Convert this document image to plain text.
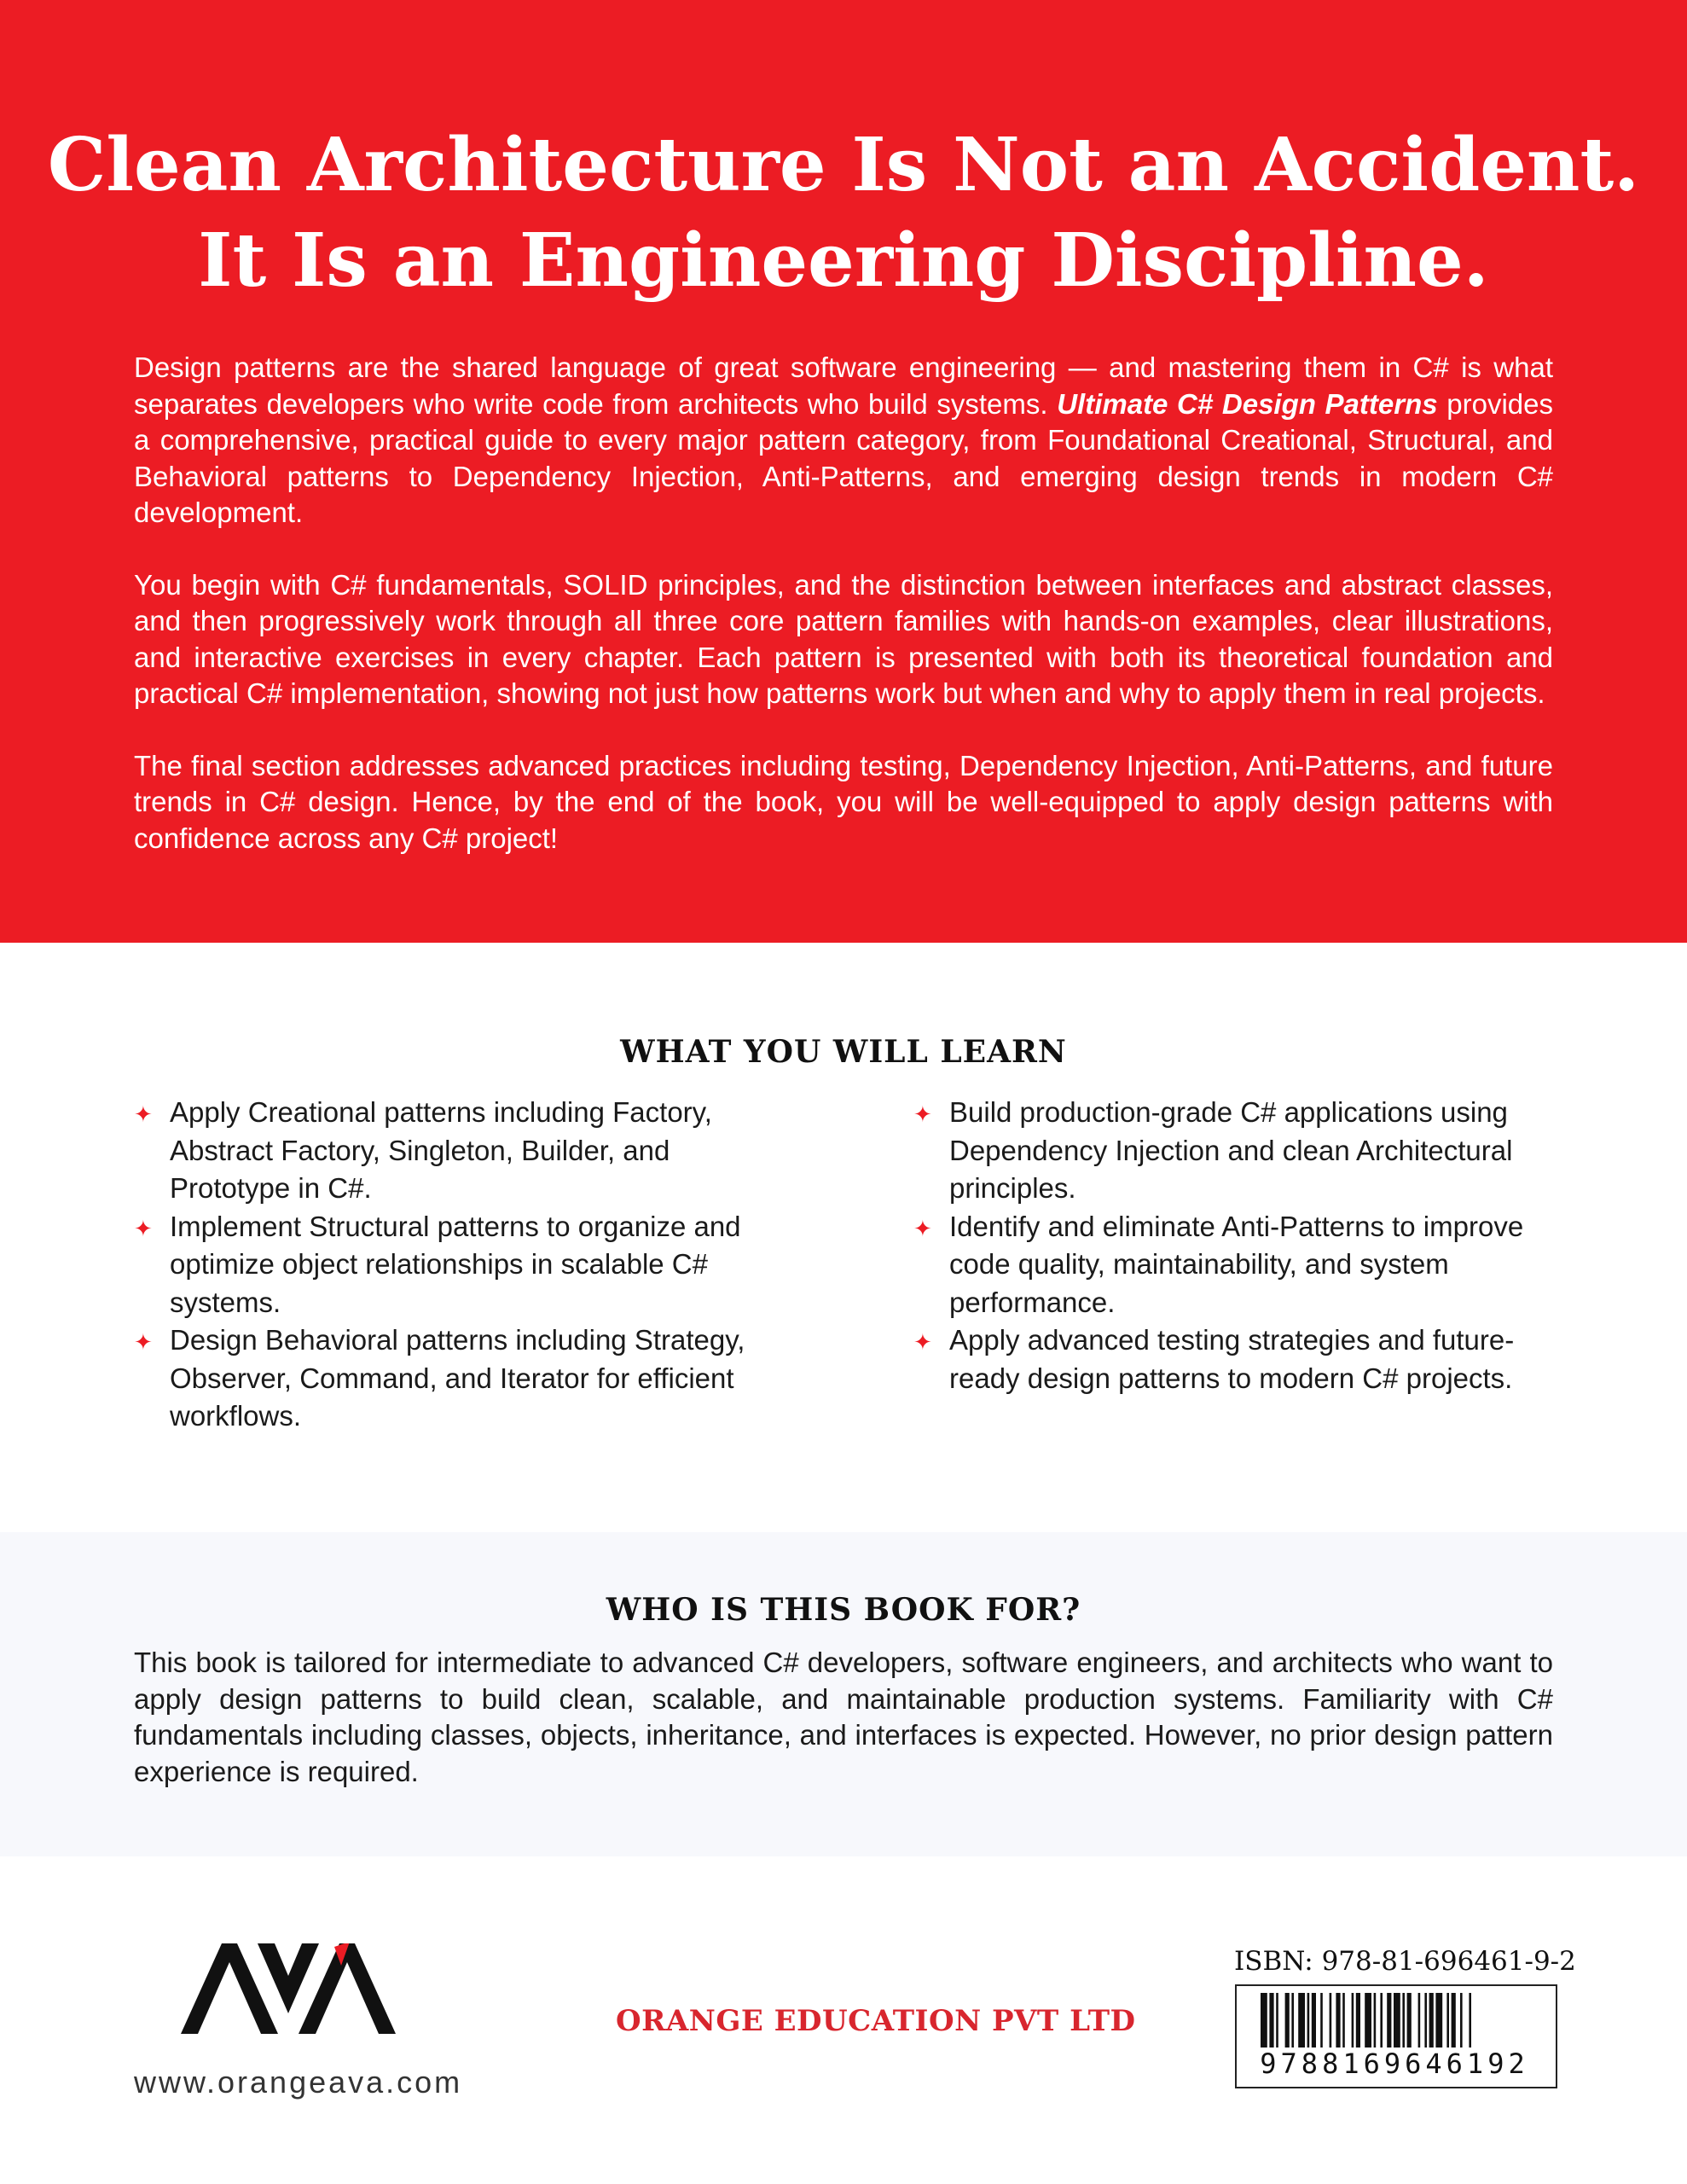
Clean Architecture Is Not an Accident.
It Is an Engineering Discipline.

Design patterns are the shared language of great software engineering — and mastering them in C# is what separates developers who write code from architects who build systems. Ultimate C# Design Patterns provides a comprehensive, practical guide to every major pattern category, from Foundational Creational, Structural, and Behavioral patterns to Dependency Injection, Anti-Patterns, and emerging design trends in modern C# development.

You begin with C# fundamentals, SOLID principles, and the distinction between interfaces and abstract classes, and then progressively work through all three core pattern families with hands-on examples, clear illustrations, and interactive exercises in every chapter. Each pattern is presented with both its theoretical foundation and practical C# implementation, showing not just how patterns work but when and why to apply them in real projects.

The final section addresses advanced practices including testing, Dependency Injection, Anti-Patterns, and future trends in C# design. Hence, by the end of the book, you will be well-equipped to apply design patterns with confidence across any C# project!

WHAT YOU WILL LEARN
✦ Apply Creational patterns including Factory, Abstract Factory, Singleton, Builder, and Prototype in C#.
✦ Implement Structural patterns to organize and optimize object relationships in scalable C# systems.
✦ Design Behavioral patterns including Strategy, Observer, Command, and Iterator for efficient workflows.
✦ Build production-grade C# applications using Dependency Injection and clean Architectural principles.
✦ Identify and eliminate Anti-Patterns to improve code quality, maintainability, and system performance.
✦ Apply advanced testing strategies and future-ready design patterns to modern C# projects.
WHO IS THIS BOOK FOR?

This book is tailored for intermediate to advanced C# developers, software engineers, and architects who want to apply design patterns to build clean, scalable, and maintainable production systems. Familiarity with C# fundamentals including classes, objects, inheritance, and interfaces is expected. However, no prior design pattern experience is required.

www.orangeava.com
ORANGE EDUCATION PVT LTD
ISBN: 978-81-696461-9-2
9788169646192
